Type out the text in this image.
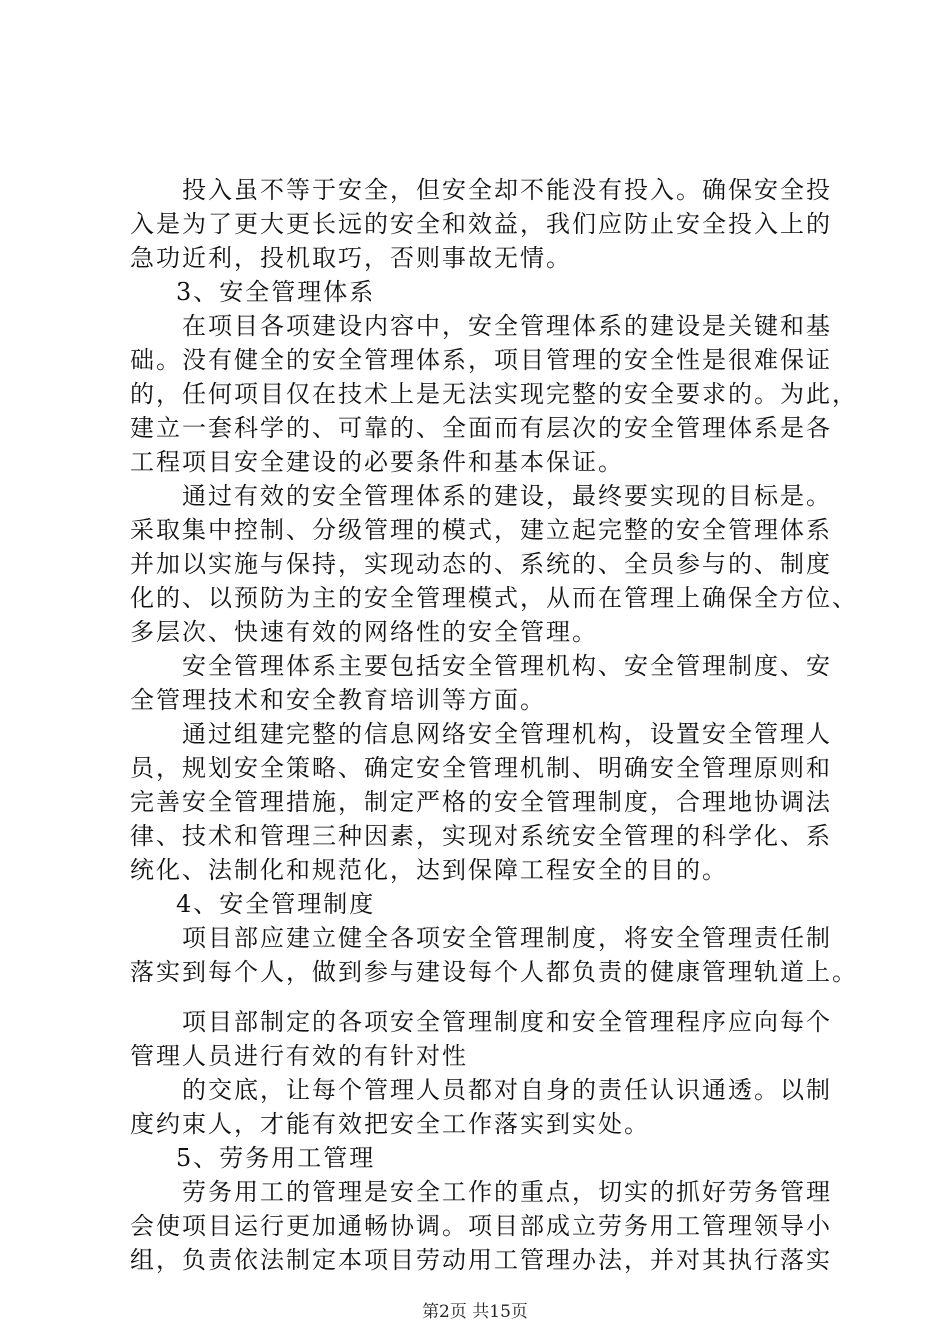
投入虽不等于安全，但安全却不能没有投入。确保安全投
入是为了更大更长远的安全和效益，我们应防止安全投入上的
急功近利，投机取巧，否则事故无情。
3、安全管理体系
在项目各项建设内容中，安全管理体系的建设是关键和基
础。没有健全的安全管理体系，项目管理的安全性是很难保证
的，任何项目仅在技术上是无法实现完整的安全要求的。为此，
建立一套科学的、可靠的、全面而有层次的安全管理体系是各
工程项目安全建设的必要条件和基本保证。
通过有效的安全管理体系的建设，最终要实现的目标是。
采取集中控制、分级管理的模式，建立起完整的安全管理体系
并加以实施与保持，实现动态的、系统的、全员参与的、制度
化的、以预防为主的安全管理模式，从而在管理上确保全方位、
多层次、快速有效的网络性的安全管理。
安全管理体系主要包括安全管理机构、安全管理制度、安
全管理技术和安全教育培训等方面。
通过组建完整的信息网络安全管理机构，设置安全管理人
员，规划安全策略、确定安全管理机制、明确安全管理原则和
完善安全管理措施，制定严格的安全管理制度，合理地协调法
律、技术和管理三种因素，实现对系统安全管理的科学化、系
统化、法制化和规范化，达到保障工程安全的目的。
4、安全管理制度
项目部应建立健全各项安全管理制度，将安全管理责任制
落实到每个人，做到参与建设每个人都负责的健康管理轨道上。
项目部制定的各项安全管理制度和安全管理程序应向每个
管理人员进行有效的有针对性
的交底，让每个管理人员都对自身的责任认识通透。以制
度约束人，才能有效把安全工作落实到实处。
5、劳务用工管理
劳务用工的管理是安全工作的重点，切实的抓好劳务管理
会使项目运行更加通畅协调。项目部成立劳务用工管理领导小
组，负责依法制定本项目劳动用工管理办法，并对其执行落实
第2页 共15页
